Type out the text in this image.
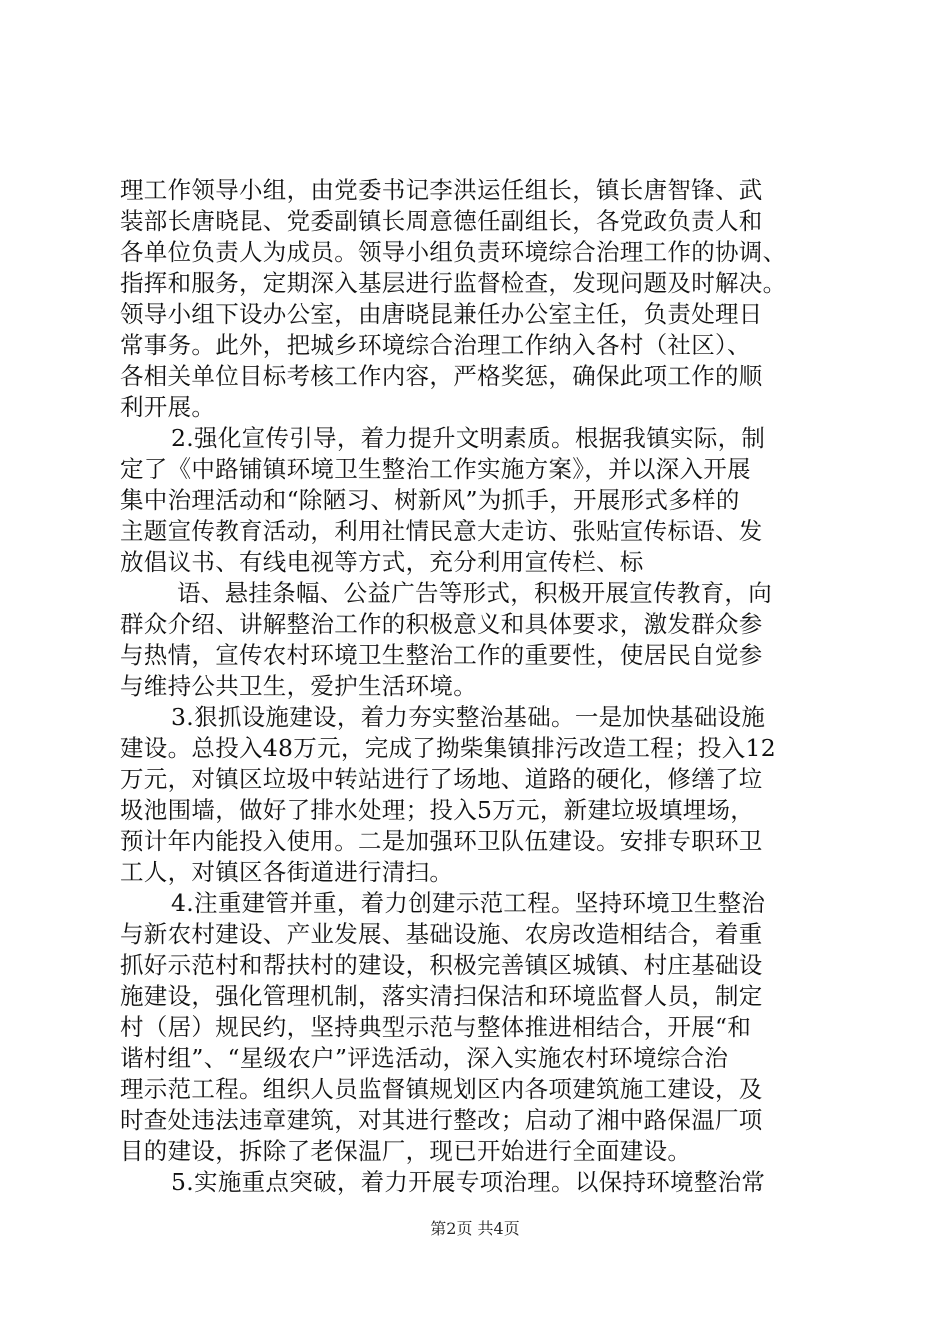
理工作领导小组，由党委书记李洪运任组长，镇长唐智锋、武
装部长唐晓昆、党委副镇长周意德任副组长，各党政负责人和
各单位负责人为成员。领导小组负责环境综合治理工作的协调、
指挥和服务，定期深入基层进行监督检查，发现问题及时解决。
领导小组下设办公室，由唐晓昆兼任办公室主任，负责处理日
常事务。此外，把城乡环境综合治理工作纳入各村（社区）、
各相关单位目标考核工作内容，严格奖惩，确保此项工作的顺
利开展。
2.强化宣传引导，着力提升文明素质。根据我镇实际，制
定了《中路铺镇环境卫生整治工作实施方案》，并以深入开展
集中治理活动和“除陋习、树新风”为抓手，开展形式多样的
主题宣传教育活动，利用社情民意大走访、张贴宣传标语、发
放倡议书、有线电视等方式，充分利用宣传栏、标
语、悬挂条幅、公益广告等形式，积极开展宣传教育，向
群众介绍、讲解整治工作的积极意义和具体要求，激发群众参
与热情，宣传农村环境卫生整治工作的重要性，使居民自觉参
与维持公共卫生，爱护生活环境。
3.狠抓设施建设，着力夯实整治基础。一是加快基础设施
建设。总投入48万元，完成了拗柴集镇排污改造工程；投入12
万元，对镇区垃圾中转站进行了场地、道路的硬化，修缮了垃
圾池围墙，做好了排水处理；投入5万元，新建垃圾填埋场，
预计年内能投入使用。二是加强环卫队伍建设。安排专职环卫
工人，对镇区各街道进行清扫。
4.注重建管并重，着力创建示范工程。坚持环境卫生整治
与新农村建设、产业发展、基础设施、农房改造相结合，着重
抓好示范村和帮扶村的建设，积极完善镇区城镇、村庄基础设
施建设，强化管理机制，落实清扫保洁和环境监督人员，制定
村（居）规民约，坚持典型示范与整体推进相结合，开展“和
谐村组”、“星级农户”评选活动，深入实施农村环境综合治
理示范工程。组织人员监督镇规划区内各项建筑施工建设，及
时查处违法违章建筑，对其进行整改；启动了湘中路保温厂项
目的建设，拆除了老保温厂，现已开始进行全面建设。
5.实施重点突破，着力开展专项治理。以保持环境整治常
第2页 共4页
